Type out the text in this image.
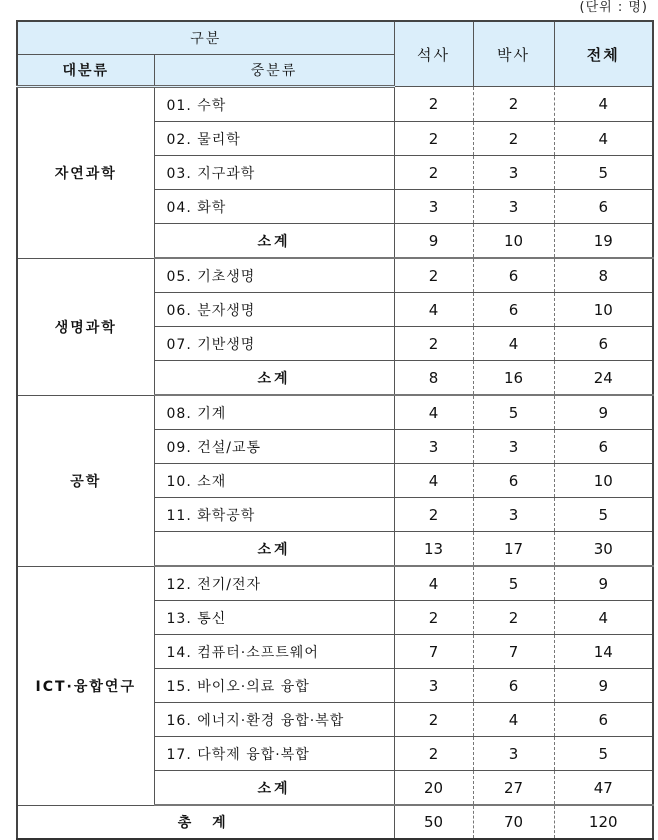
(단위 : 명)
구분		석사	박사	전체
대분류	중분류			
자연과학	01. 수학	2	2	4
	02. 물리학	2	2	4
	03. 지구과학	2	3	5
	04. 화학	3	3	6
	소계	9	10	19
생명과학	05. 기초생명	2	6	8
	06. 분자생명	4	6	10
	07. 기반생명	2	4	6
	소계	8	16	24
공학	08. 기계	4	5	9
	09. 건설/교통	3	3	6
	10. 소재	4	6	10
	11. 화학공학	2	3	5
	소계	13	17	30
ICT·융합연구	12. 전기/전자	4	5	9
	13. 통신	2	2	4
	14. 컴퓨터·소프트웨어	7	7	14
	15. 바이오·의료 융합	3	6	9
	16. 에너지·환경 융합·복합	2	4	6
	17. 다학제 융합·복합	2	3	5
	소계	20	27	47
총 계		50	70	120
